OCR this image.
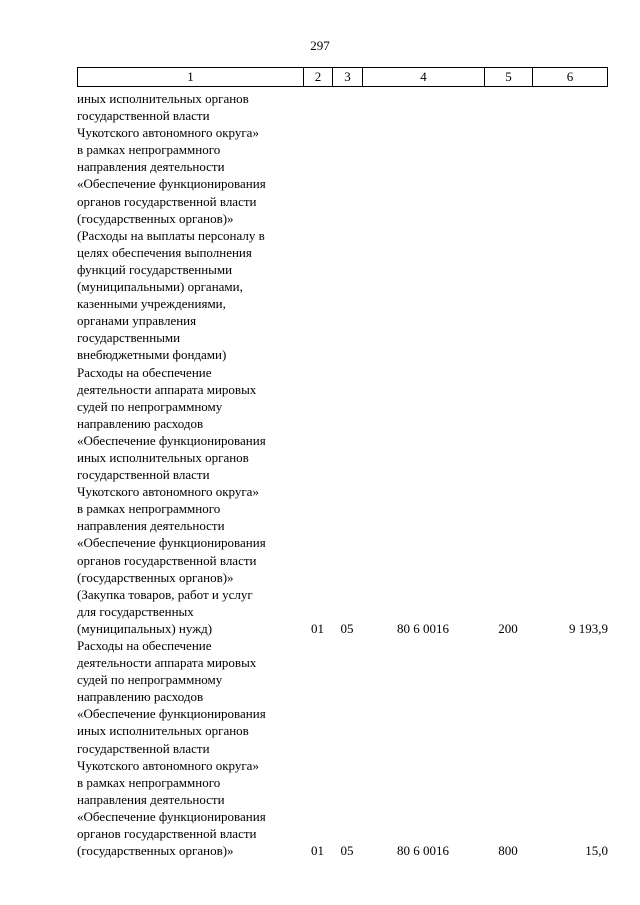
297
1	2	3	4	5	6
иных исполнительных органов
государственной власти
Чукотского автономного округа»
в рамках непрограммного
направления деятельности
«Обеспечение функционирования
органов государственной власти
(государственных органов)»
(Расходы на выплаты персоналу в
целях обеспечения выполнения
функций государственными
(муниципальными) органами,
казенными учреждениями,
органами управления
государственными
внебюджетными фондами)
Расходы на обеспечение
деятельности аппарата мировых
судей по непрограммному
направлению расходов
«Обеспечение функционирования
иных исполнительных органов
государственной власти
Чукотского автономного округа»
в рамках непрограммного
направления деятельности
«Обеспечение функционирования
органов государственной власти
(государственных органов)»
(Закупка товаров, работ и услуг
для государственных
(муниципальных) нужд)	01	05	80 6 0016	200	9 193,9
Расходы на обеспечение
деятельности аппарата мировых
судей по непрограммному
направлению расходов
«Обеспечение функционирования
иных исполнительных органов
государственной власти
Чукотского автономного округа»
в рамках непрограммного
направления деятельности
«Обеспечение функционирования
органов государственной власти
(государственных органов)»	01	05	80 6 0016	800	15,0
